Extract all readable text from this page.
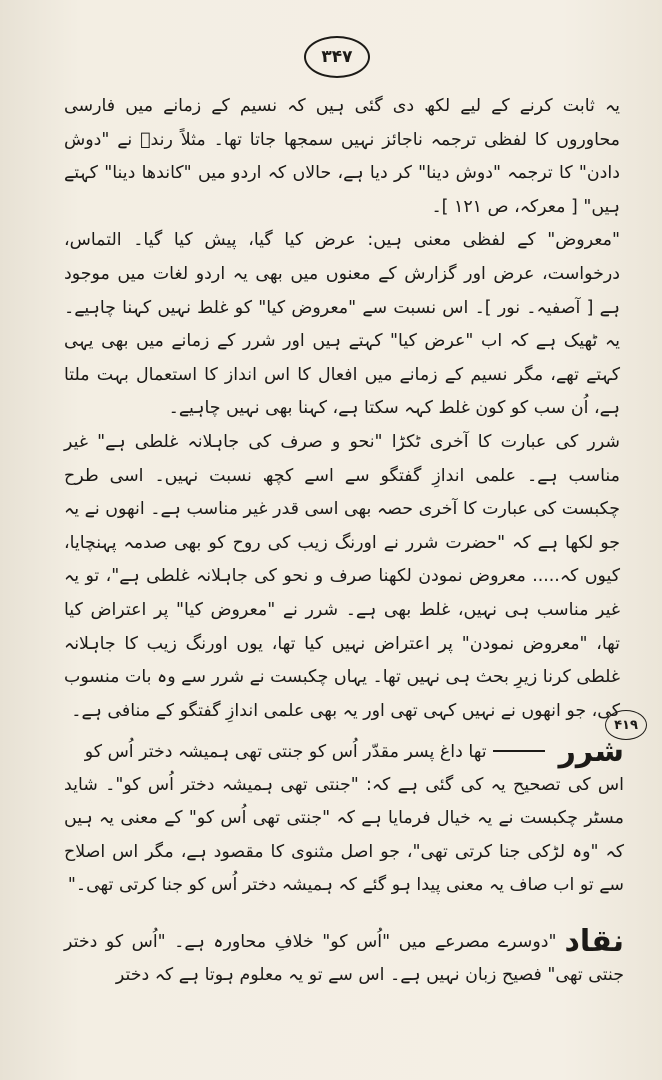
۳۴۷

یہ ثابت کرنے کے لیے لکھ دی گئی ہیں کہ نسیم کے زمانے میں فارسی محاوروں کا لفظی ترجمہ ناجائز نہیں سمجھا جاتا تھا۔ مثلاً رندؔ نے "دوش دادن" کا ترجمہ "دوش دینا" کر دیا ہے، حالاں کہ اردو میں "کاندھا دینا" کہتے ہیں" [ معرکہ، ص ۱۲۱ ]۔

"معروض" کے لفظی معنی ہیں: عرض کیا گیا، پیش کیا گیا۔ التماس، درخواست، عرض اور گزارش کے معنوں میں بھی یہ اردو لغات میں موجود ہے [ آصفیہ۔ نور ]۔ اس نسبت سے "معروض کیا" کو غلط نہیں کہنا چاہیے۔ یہ ٹھیک ہے کہ اب "عرض کیا" کہتے ہیں اور شرر کے زمانے میں بھی یہی کہتے تھے، مگر نسیم کے زمانے میں افعال کا اس انداز کا استعمال بہت ملتا ہے، اُن سب کو کون غلط کہہ سکتا ہے، کہنا بھی نہیں چاہیے۔

شرر کی عبارت کا آخری ٹکڑا "نحو و صرف کی جاہلانہ غلطی ہے" غیر مناسب ہے۔ علمی اندازِ گفتگو سے اسے کچھ نسبت نہیں۔ اسی طرح چکبست کی عبارت کا آخری حصہ بھی اسی قدر غیر مناسب ہے۔ انھوں نے یہ جو لکھا ہے کہ "حضرت شرر نے اورنگ زیب کی روح کو بھی صدمہ پہنچایا، کیوں کہ..... معروض نمودن لکھنا صرف و نحو کی جاہلانہ غلطی ہے"، تو یہ غیر مناسب ہی نہیں، غلط بھی ہے۔ شرر نے "معروض کیا" پر اعتراض کیا تھا، "معروض نمودن" پر اعتراض نہیں کیا تھا، یوں اورنگ زیب کا جاہلانہ غلطی کرنا زیرِ بحث ہی نہیں تھا۔ یہاں چکبست نے شرر سے وہ بات منسوب کی، جو انھوں نے نہیں کہی تھی اور یہ بھی علمی اندازِ گفتگو کے منافی ہے۔

۴۱۹
شررتھا داغ پسر مقدّر اُس کو جنتی تھی ہمیشہ دختر اُس کو
اس کی تصحیح یہ کی گئی ہے کہ: "جنتی تھی ہمیشہ دختر اُس کو"۔ شاید مسٹر چکبست نے یہ خیال فرمایا ہے کہ "جنتی تھی اُس کو" کے معنی یہ ہیں کہ "وہ لڑکی جنا کرتی تھی"، جو اصل مثنوی کا مقصود ہے، مگر اس اصلاح سے تو اب صاف یہ معنی پیدا ہو گئے کہ ہمیشہ دختر اُس کو جنا کرتی تھی۔"
نقاد"دوسرے مصرعے میں "اُس کو" خلافِ محاورہ ہے۔ "اُس کو دختر جنتی تھی" فصیح زبان نہیں ہے۔ اس سے تو یہ معلوم ہوتا ہے کہ دختر
